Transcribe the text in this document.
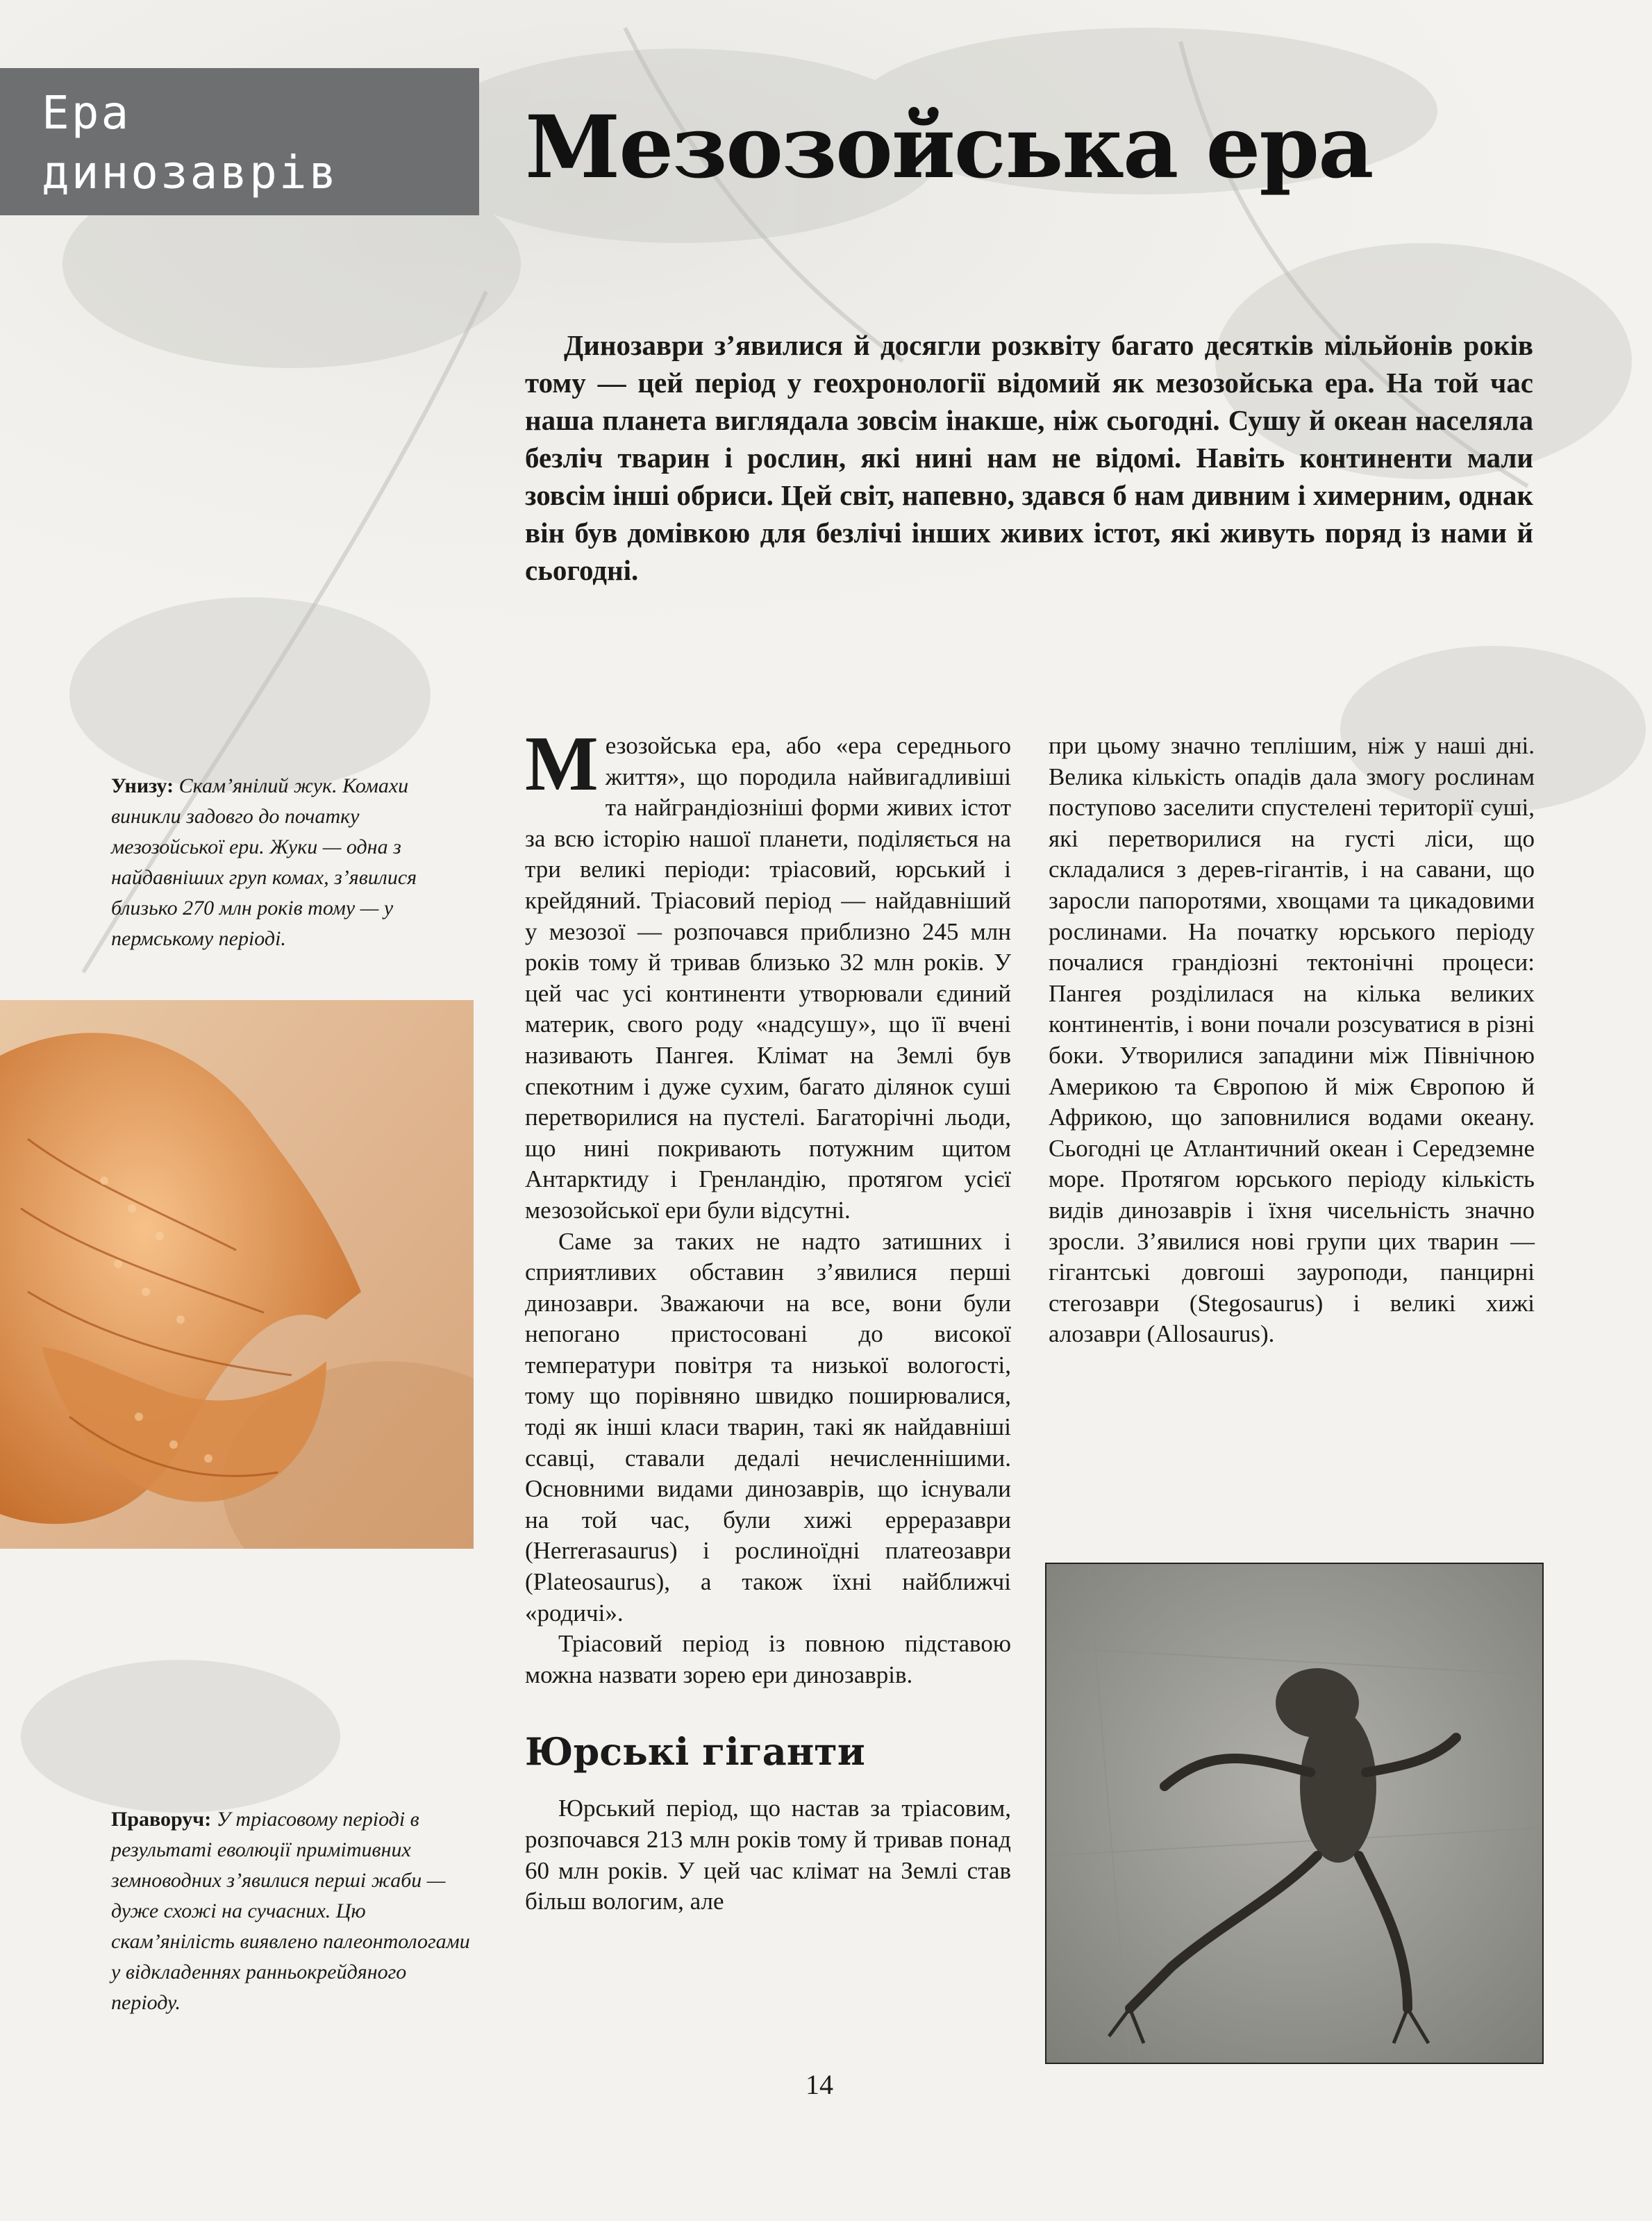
Ера
динозаврів	Мезозойська ера
Динозаври з’явилися й досягли розквіту багато десятків мільйонів років тому — цей період у геохронології відомий як мезозойська ера. На той час наша планета виглядала зовсім інакше, ніж сьогодні. Сушу й океан населяла безліч тварин і рослин, які нині нам не відомі. Навіть континенти мали зовсім інші обриси. Цей світ, напевно, здався б нам дивним і химерним, однак він був домівкою для безлічі інших живих істот, які живуть поряд із нами й сьогодні.
Унизу: Скам’янілий жук. Комахи виникли задовго до початку мезозойської ери. Жуки — одна з найдавніших груп комах, з’явилися близько 270 млн років тому — у пермському періоді.
Праворуч: У тріасовому періоді в результаті еволюції примітивних земноводних з’явилися перші жаби — дуже схожі на сучасних. Цю скам’янілість виявлено палеонтологами у відкладеннях ранньокрейдяного періоду.

Мезозойська ера, або «ера середнього життя», що породила найвигадливіші та найграндіозніші форми живих істот за всю історію нашої планети, поділяється на три великі періоди: тріасовий, юрський і крейдяний. Тріасовий період — найдавніший у мезозої — розпочався приблизно 245 млн років тому й тривав близько 32 млн років. У цей час усі континенти утворювали єдиний материк, свого роду «надсушу», що її вчені називають Пангея. Клімат на Землі був спекотним і дуже сухим, багато ділянок суші перетворилися на пустелі. Багаторічні льоди, що нині покривають потужним щитом Антарктиду і Гренландію, протягом усієї мезозойської ери були відсутні.

Саме за таких не надто затишних і сприятливих обставин з’явилися перші динозаври. Зважаючи на все, вони були непогано пристосовані до високої температури повітря та низької вологості, тому що порівняно швидко поширювалися, тоді як інші класи тварин, такі як найдавніші ссавці, ставали дедалі нечисленнішими. Основними видами динозаврів, що існували на той час, були хижі еррерaзаври (Herrerasaurus) і рослиноїдні платеозаври (Plateosaurus), а також їхні найближчі «родичі».

Тріасовий період із повною підставою можна назвати зорею ери динозаврів.

Юрські гіганти

Юрський період, що настав за тріасовим, розпочався 213 млн років тому й тривав понад 60 млн років. У цей час клімат на Землі став більш вологим, але

при цьому значно теплішим, ніж у наші дні. Велика кількість опадів дала змогу рослинам поступово заселити спустелені території суші, які перетворилися на густі ліси, що складалися з дерев-гігантів, і на савани, що заросли папоротями, хвощами та цикадовими рослинами. На початку юрського періоду почалися грандіозні тектонічні процеси: Пангея розділилася на кілька великих континентів, і вони почали розсуватися в різні боки. Утворилися западини між Північною Америкою та Європою й між Європою й Африкою, що заповнилися водами океану. Сьогодні це Атлантичний океан і Середземне море. Протягом юрського періоду кількість видів динозаврів і їхня чисельність значно зросли. З’явилися нові групи цих тварин — гігантські довгоші зауроподи, панцирні стегозаври (Stegosaurus) і великі хижі алозаври (Allosaurus).

14
